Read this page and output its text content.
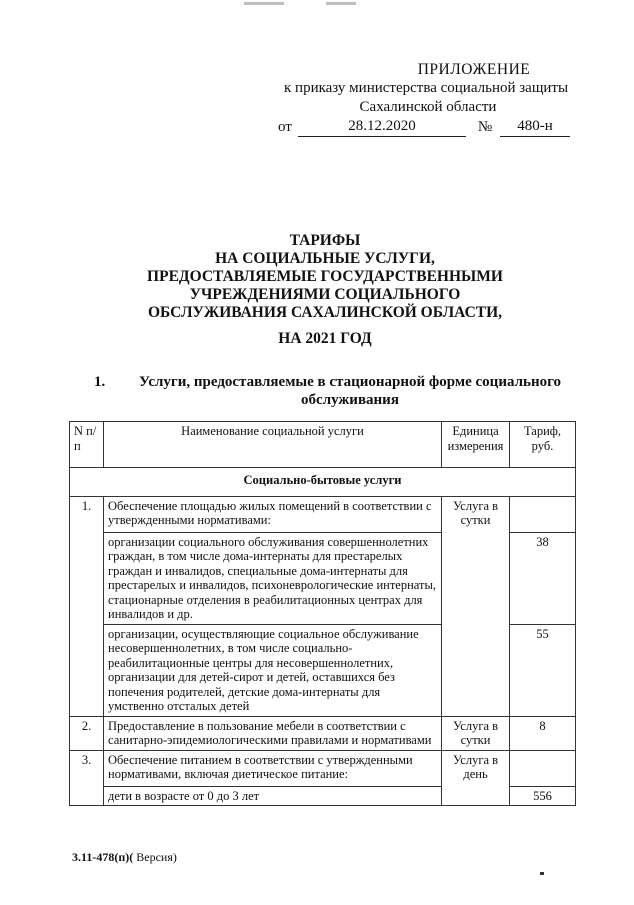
ПРИЛОЖЕНИЕ
к приказу министерства социальной защиты
Сахалинской области
от	28.12.2020	№	480-н
ТАРИФЫ
НА СОЦИАЛЬНЫЕ УСЛУГИ,
ПРЕДОСТАВЛЯЕМЫЕ ГОСУДАРСТВЕННЫМИ
УЧРЕЖДЕНИЯМИ СОЦИАЛЬНОГО
ОБСЛУЖИВАНИЯ САХАЛИНСКОЙ ОБЛАСТИ,
НА 2021 ГОД
1.	Услуги, предоставляемые в стационарной форме социального
обслуживания
N п/п	Наименование социальной услуги	Единица измерения	Тариф, руб.
Социально-бытовые услуги			
1.	Обеспечение площадью жилых помещений в соответствии с утвержденными нормативами:	Услуга в сутки	
	организации социального обслуживания совершеннолетних граждан, в том числе дома-интернаты для престарелых граждан и инвалидов, специальные дома-интернаты для престарелых и инвалидов, психоневрологические интернаты, стационарные отделения в реабилитационных центрах для инвалидов и др.		38
	организации, осуществляющие социальное обслуживание несовершеннолетних, в том числе социально-реабилитационные центры для несовершеннолетних, организации для детей-сирот и детей, оставшихся без попечения родителей, детские дома-интернаты для умственно отсталых детей		55
2.	Предоставление в пользование мебели в соответствии с санитарно-эпидемиологическими правилами и нормативами	Услуга в сутки	8
3.	Обеспечение питанием в соответствии с утвержденными нормативами, включая диетическое питание:	Услуга в день	
	дети в возрасте от 0 до 3 лет		556
3.11-478(п)( Версия)
